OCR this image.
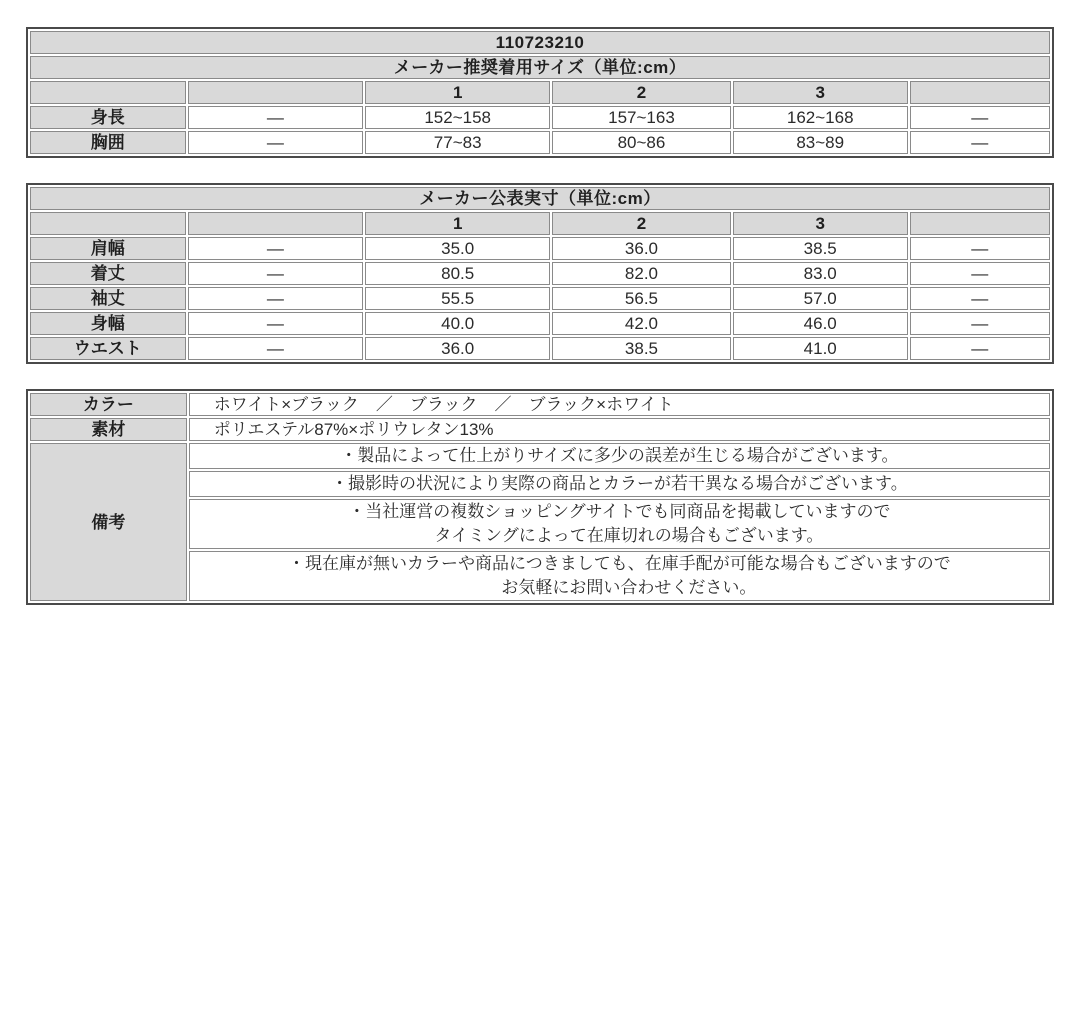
110723210					
メーカー推奨着用サイズ（単位:cm）					
		1	2	3	
身長	—	152~158	157~163	162~168	—
胸囲	—	77~83	80~86	83~89	—
メーカー公表実寸（単位:cm）					
		1	2	3	
肩幅	—	35.0	36.0	38.5	—
着丈	—	80.5	82.0	83.0	—
袖丈	—	55.5	56.5	57.0	—
身幅	—	40.0	42.0	46.0	—
ウエスト	—	36.0	38.5	41.0	—
カラー	ホワイト×ブラック　／　ブラック　／　ブラック×ホワイト
素材	ポリエステル87%×ポリウレタン13%
備考	・製品によって仕上がりサイズに多少の誤差が生じる場合がございます。

	・撮影時の状況により実際の商品とカラーが若干異なる場合がございます。

	・当社運営の複数ショッピングサイトでも同商品を掲載していますので
タイミングによって在庫切れの場合もございます。

	・現在庫が無いカラーや商品につきましても、在庫手配が可能な場合もございますので
お気軽にお問い合わせください。
